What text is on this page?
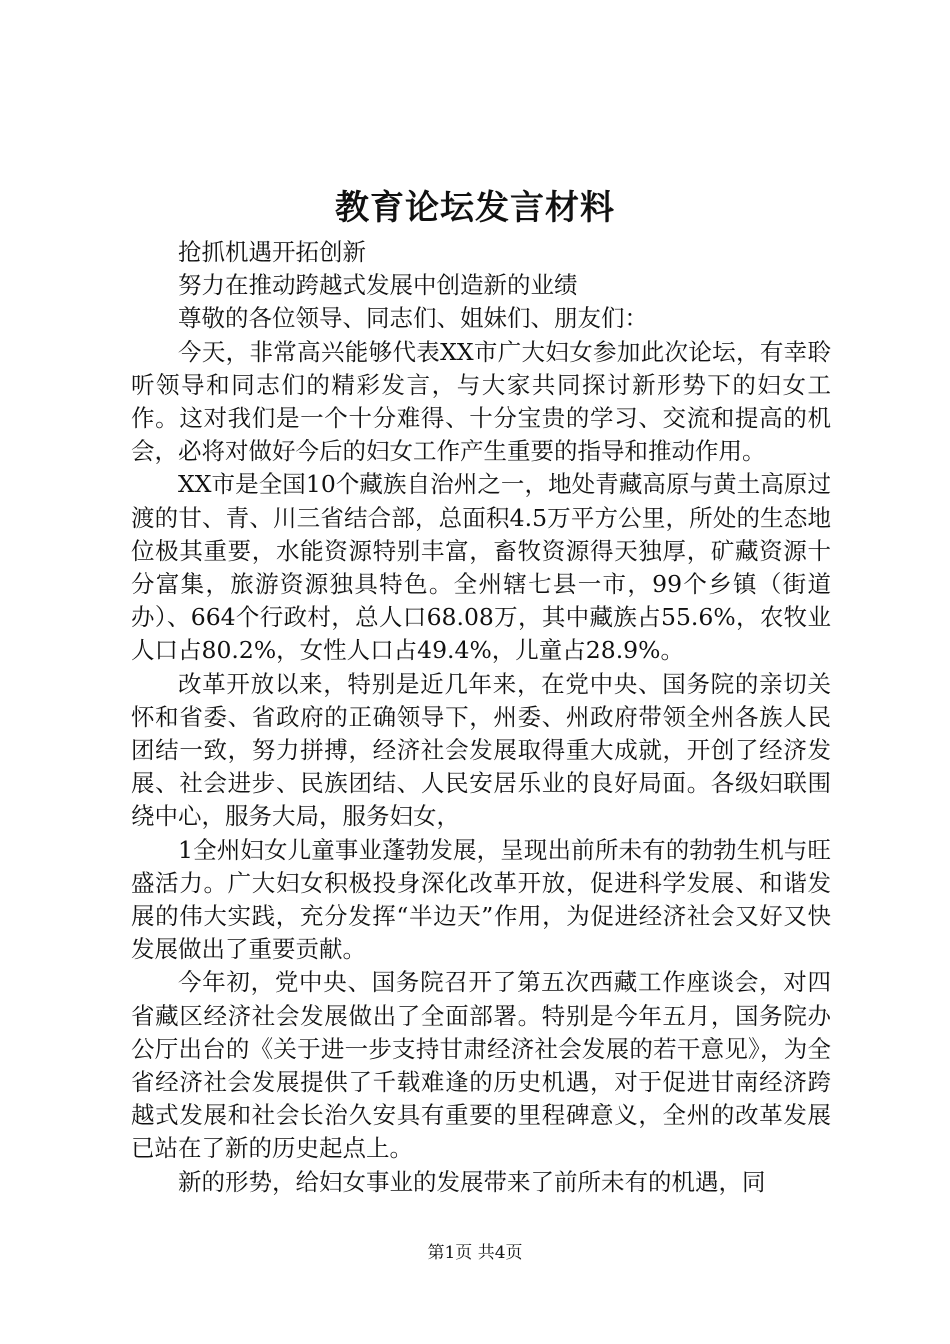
教育论坛发言材料

抢抓机遇开拓创新

努力在推动跨越式发展中创造新的业绩

尊敬的各位领导、同志们、姐妹们、朋友们：

今天，非常高兴能够代表XX市广大妇女参加此次论坛，有幸聆听领导和同志们的精彩发言，与大家共同探讨新形势下的妇女工作。这对我们是一个十分难得、十分宝贵的学习、交流和提高的机会，必将对做好今后的妇女工作产生重要的指导和推动作用。

XX市是全国10个藏族自治州之一，地处青藏高原与黄土高原过渡的甘、青、川三省结合部，总面积4.5万平方公里，所处的生态地位极其重要，水能资源特别丰富，畜牧资源得天独厚，矿藏资源十分富集，旅游资源独具特色。全州辖七县一市，99个乡镇（街道办）、664个行政村，总人口68.08万，其中藏族占55.6%，农牧业人口占80.2%，女性人口占49.4%，儿童占28.9%。

改革开放以来，特别是近几年来，在党中央、国务院的亲切关怀和省委、省政府的正确领导下，州委、州政府带领全州各族人民团结一致，努力拼搏，经济社会发展取得重大成就，开创了经济发展、社会进步、民族团结、人民安居乐业的良好局面。各级妇联围绕中心，服务大局，服务妇女，

1全州妇女儿童事业蓬勃发展，呈现出前所未有的勃勃生机与旺盛活力。广大妇女积极投身深化改革开放，促进科学发展、和谐发展的伟大实践，充分发挥“半边天”作用，为促进经济社会又好又快发展做出了重要贡献。

今年初，党中央、国务院召开了第五次西藏工作座谈会，对四省藏区经济社会发展做出了全面部署。特别是今年五月，国务院办公厅出台的《关于进一步支持甘肃经济社会发展的若干意见》，为全省经济社会发展提供了千载难逢的历史机遇，对于促进甘南经济跨越式发展和社会长治久安具有重要的里程碑意义，全州的改革发展已站在了新的历史起点上。

新的形势，给妇女事业的发展带来了前所未有的机遇，同

第1页 共4页
